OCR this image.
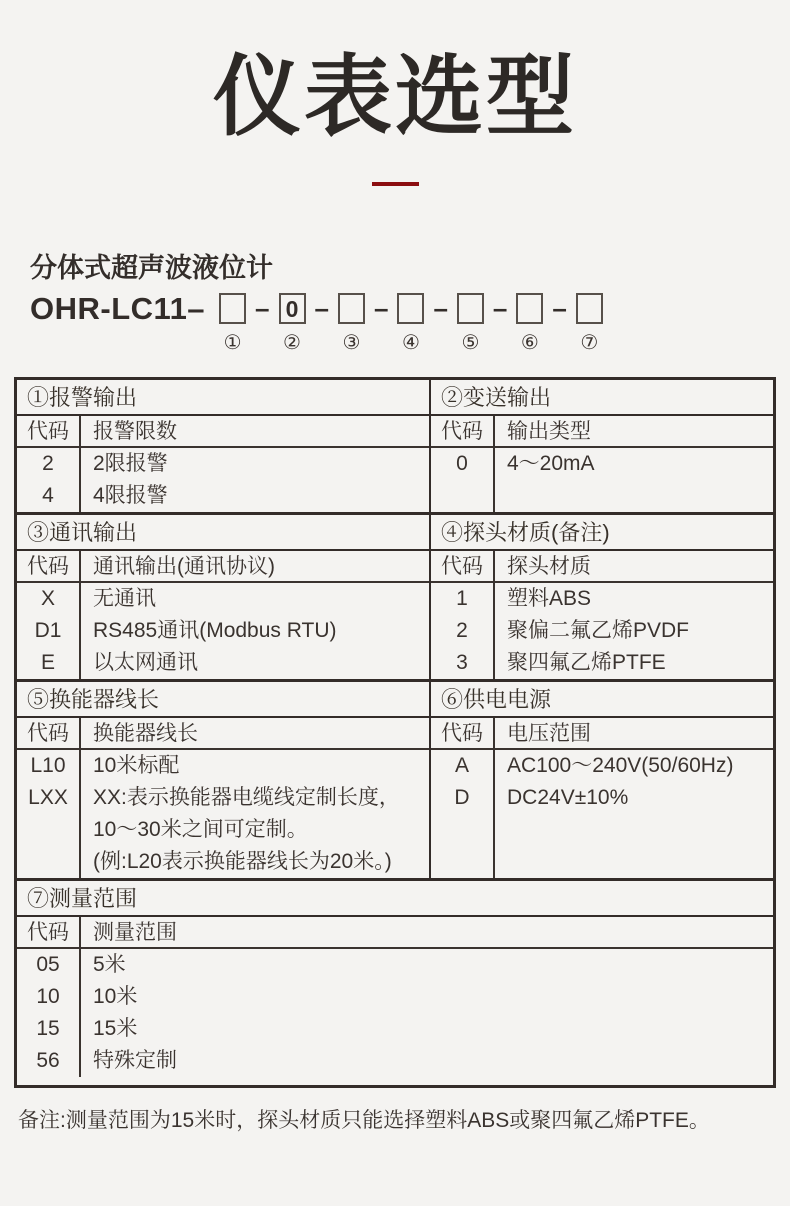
仪表选型
分体式超声波液位计
OHR-LC11–
①
– 0
②
–
③
–
④
–
⑤
–
⑥
–
⑦
①报警输出
代码
2
4
报警限数
2限报警
4限报警
②变送输出
代码
0
输出类型
4～20mA
③通讯输出
代码
X
D1
E
通讯输出(通讯协议)
无通讯
RS485通讯(Modbus RTU)
以太网通讯
④探头材质(备注)
代码
1
2
3
探头材质
塑料ABS
聚偏二氟乙烯PVDF
聚四氟乙烯PTFE
⑤换能器线长
代码
L10
LXX
换能器线长
10米标配
XX:表示换能器电缆线定制长度，
10～30米之间可定制。
(例:L20表示换能器线长为20米。)
⑥供电电源
代码
A
D
电压范围
AC100～240V(50/60Hz)
DC24V±10%
⑦测量范围
代码
05
10
15
56
测量范围
5米
10米
15米
特殊定制
备注:测量范围为15米时，探头材质只能选择塑料ABS或聚四氟乙烯PTFE。
